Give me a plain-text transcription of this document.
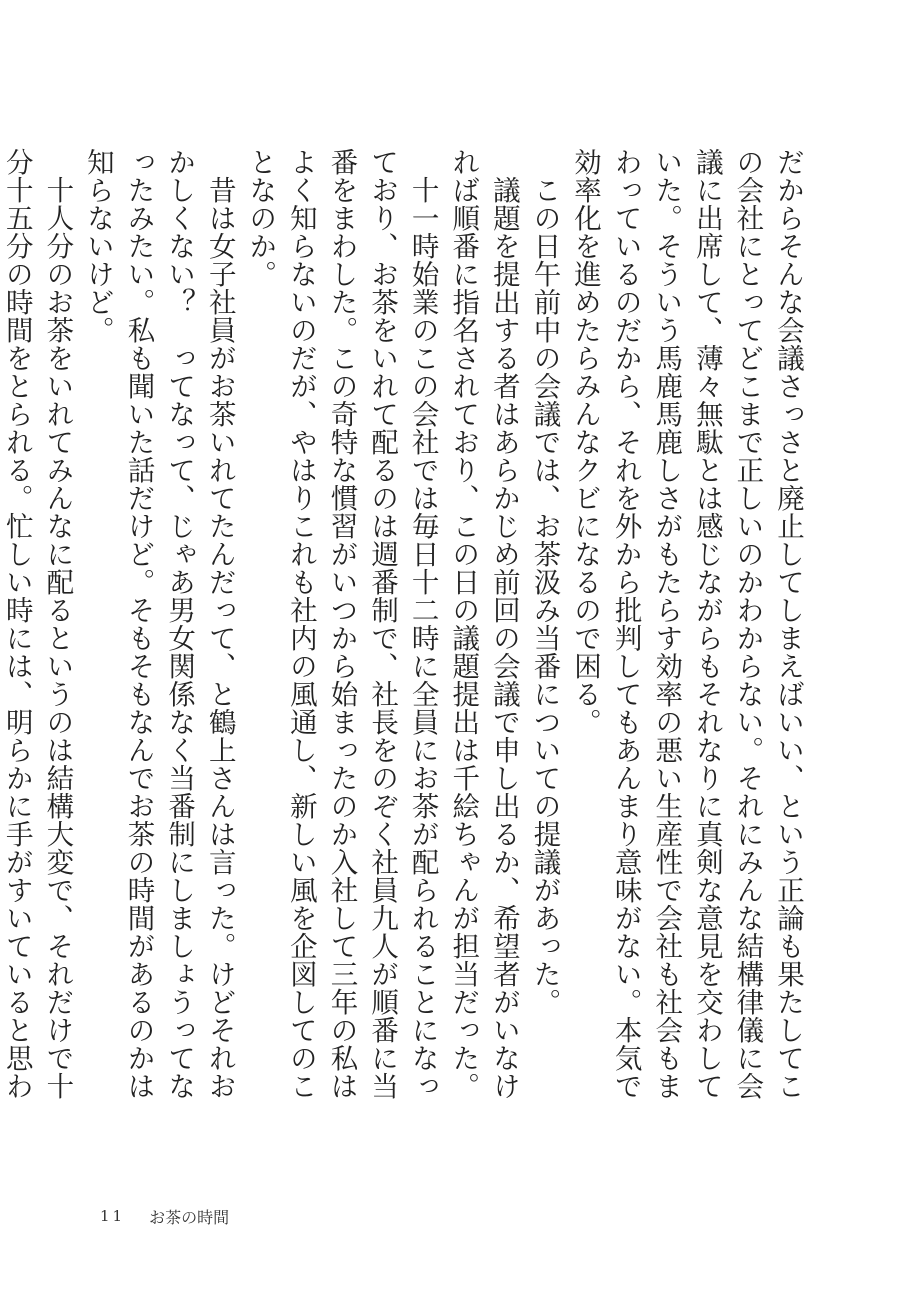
だからそんな会議さっさと廃止してしまえばいい、という正論も果たしてこの会社にとってどこまで正しいのかわからない。それにみんな結構律儀に会議に出席して、薄々無駄とは感じながらもそれなりに真剣な意見を交わしていた。そういう馬鹿馬鹿しさがもたらす効率の悪い生産性で会社も社会もまわっているのだから、それを外から批判してもあんまり意味がない。本気で効率化を進めたらみんなクビになるので困る。

この日午前中の会議では、お茶汲み当番についての提議があった。

議題を提出する者はあらかじめ前回の会議で申し出るか、希望者がいなければ順番に指名されており、この日の議題提出は千絵ちゃんが担当だった。

十一時始業のこの会社では毎日十二時に全員にお茶が配られることになっており、お茶をいれて配るのは週番制で、社長をのぞく社員九人が順番に当番をまわした。この奇特な慣習がいつから始まったのか入社して三年の私はよく知らないのだが、やはりこれも社内の風通し、新しい風を企図してのことなのか。

昔は女子社員がお茶いれてたんだって、と鶴上さんは言った。けどそれおかしくない？　ってなって、じゃあ男女関係なく当番制にしましょうってなったみたい。私も聞いた話だけど。そもそもなんでお茶の時間があるのかは知らないけど。

十人分のお茶をいれてみんなに配るというのは結構大変で、それだけで十分十五分の時間をとられる。忙しい時には、明らかに手がすいていると思わ

11 お茶の時間
